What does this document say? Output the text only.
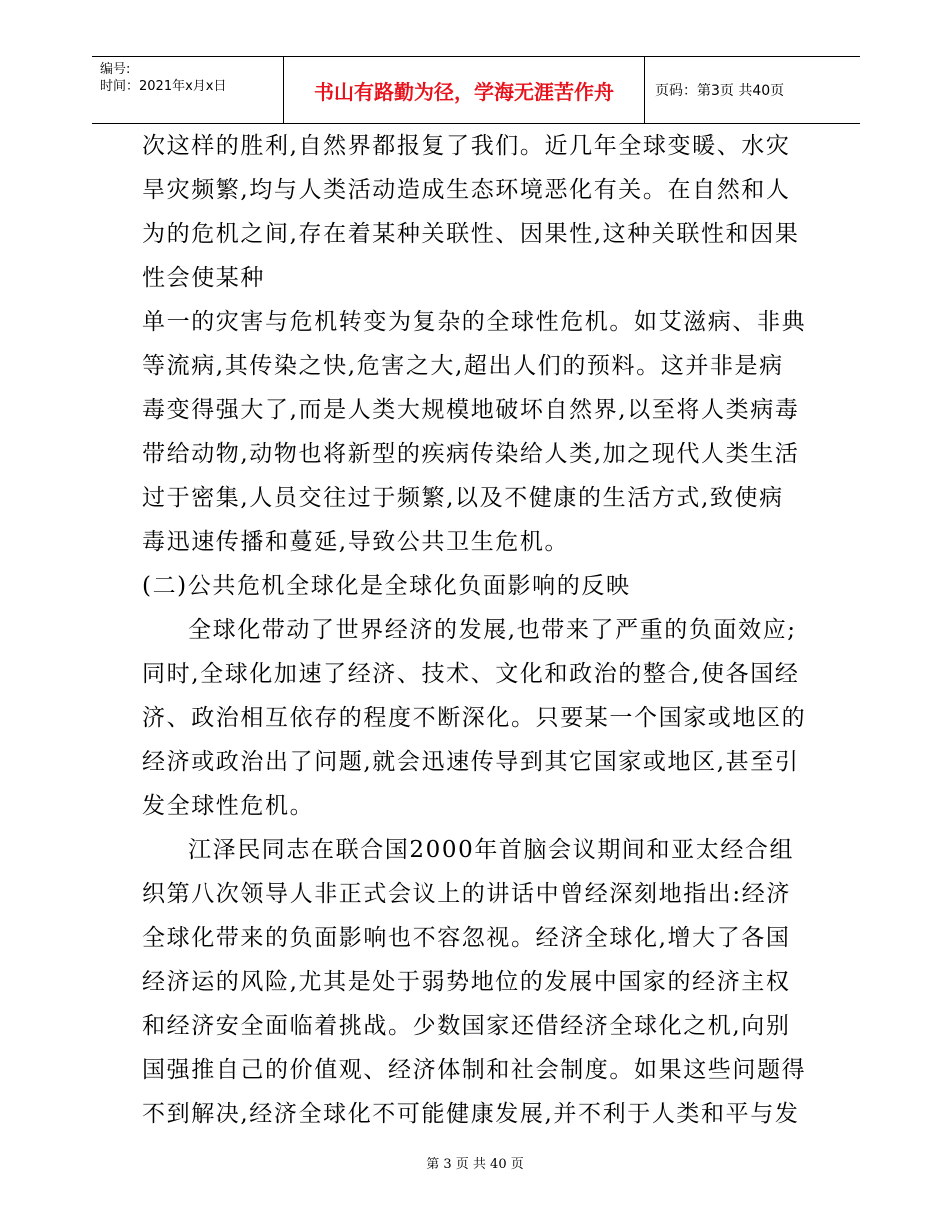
编号:
时间：2021年x月x日	书山有路勤为径，学海无涯苦作舟	页码：第3页 共40页
次这样的胜利,自然界都报复了我们。近几年全球变暖、水灾
旱灾频繁,均与人类活动造成生态环境恶化有关。在自然和人
为的危机之间,存在着某种关联性、因果性,这种关联性和因果
性会使某种
单一的灾害与危机转变为复杂的全球性危机。如艾滋病、非典
等流病,其传染之快,危害之大,超出人们的预料。这并非是病
毒变得强大了,而是人类大规模地破坏自然界,以至将人类病毒
带给动物,动物也将新型的疾病传染给人类,加之现代人类生活
过于密集,人员交往过于频繁,以及不健康的生活方式,致使病
毒迅速传播和蔓延,导致公共卫生危机。
(二)公共危机全球化是全球化负面影响的反映
全球化带动了世界经济的发展,也带来了严重的负面效应;
同时,全球化加速了经济、技术、文化和政治的整合,使各国经
济、政治相互依存的程度不断深化。只要某一个国家或地区的
经济或政治出了问题,就会迅速传导到其它国家或地区,甚至引
发全球性危机。
江泽民同志在联合国2000年首脑会议期间和亚太经合组
织第八次领导人非正式会议上的讲话中曾经深刻地指出:经济
全球化带来的负面影响也不容忽视。经济全球化,增大了各国
经济运的风险,尤其是处于弱势地位的发展中国家的经济主权
和经济安全面临着挑战。少数国家还借经济全球化之机,向别
国强推自己的价值观、经济体制和社会制度。如果这些问题得
不到解决,经济全球化不可能健康发展,并不利于人类和平与发
第 3 页 共 40 页
